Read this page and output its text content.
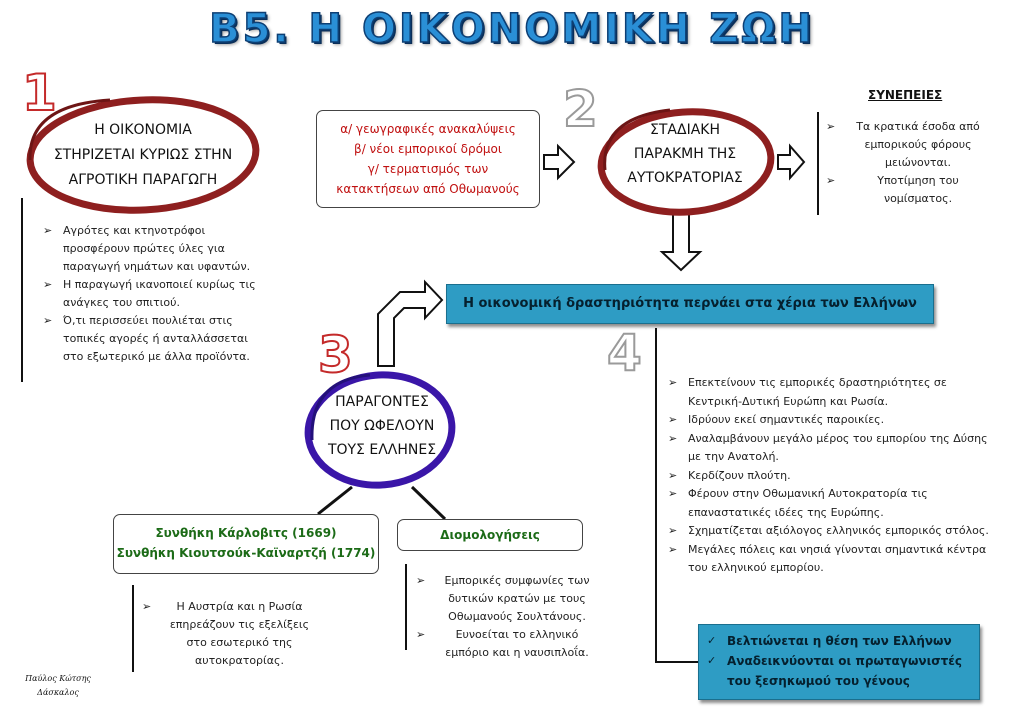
Β5. Η ΟΙΚΟΝΟΜΙΚΗ ΖΩΗ
1	2
3	4
Η ΟΙΚΟΝΟΜΙΑ
ΣΤΗΡΙΖΕΤΑΙ ΚΥΡΙΩΣ ΣΤΗΝ
ΑΓΡΟΤΙΚΗ ΠΑΡΑΓΩΓΗ
➢ Αγρότες και κτηνοτρόφοι προσφέρουν πρώτες ύλες για παραγωγή νημάτων και υφαντών.
➢ Η παραγωγή ικανοποιεί κυρίως τις ανάγκες του σπιτιού.
➢ Ό,τι περισσεύει πουλιέται στις τοπικές αγορές ή ανταλλάσσεται στο εξωτερικό με άλλα προϊόντα.
α/ γεωγραφικές ανακαλύψεις
β/ νέοι εμπορικοί δρόμοι
γ/ τερματισμός των
κατακτήσεων από Οθωμανούς
ΣΤΑΔΙΑΚΗ
ΠΑΡΑΚΜΗ ΤΗΣ
ΑΥΤΟΚΡΑΤΟΡΙΑΣ
ΣΥΝΕΠΕΙΕΣ
➢ Τα κρατικά έσοδα από εμπορικούς φόρους μειώνονται.
➢ Υποτίμηση του νομίσματος.
Η οικονομική δραστηριότητα περνάει στα χέρια των Ελλήνων
ΠΑΡΑΓΟΝΤΕΣ
ΠΟΥ ΩΦΕΛΟΥΝ
ΤΟΥΣ ΕΛΛΗΝΕΣ
Συνθήκη Κάρλοβιτς (1669)
Συνθήκη Κιουτσούκ-Καϊναρτζή (1774)
➢ Η Αυστρία και η Ρωσία επηρεάζουν τις εξελίξεις στο εσωτερικό της αυτοκρατορίας.
Διομολογήσεις
➢ Εμπορικές συμφωνίες των δυτικών κρατών με τους Οθωμανούς Σουλτάνους.
➢ Ευνοείται το ελληνικό εμπόριο και η ναυσιπλοΐα.
➢ Επεκτείνουν τις εμπορικές δραστηριότητες σε Κεντρική-Δυτική Ευρώπη και Ρωσία.
➢ Ιδρύουν εκεί σημαντικές παροικίες.
➢ Αναλαμβάνουν μεγάλο μέρος του εμπορίου της Δύσης με την Ανατολή.
➢ Κερδίζουν πλούτη.
➢ Φέρουν στην Οθωμανική Αυτοκρατορία τις επαναστατικές ιδέες της Ευρώπης.
➢ Σχηματίζεται αξιόλογος ελληνικός εμπορικός στόλος.
➢ Μεγάλες πόλεις και νησιά γίνονται σημαντικά κέντρα του ελληνικού εμπορίου.
✓ Βελτιώνεται η θέση των Ελλήνων
✓ Αναδεικνύονται οι πρωταγωνιστές του ξεσηκωμού του γένους
Παύλος Κώτσης
Δάσκαλος
